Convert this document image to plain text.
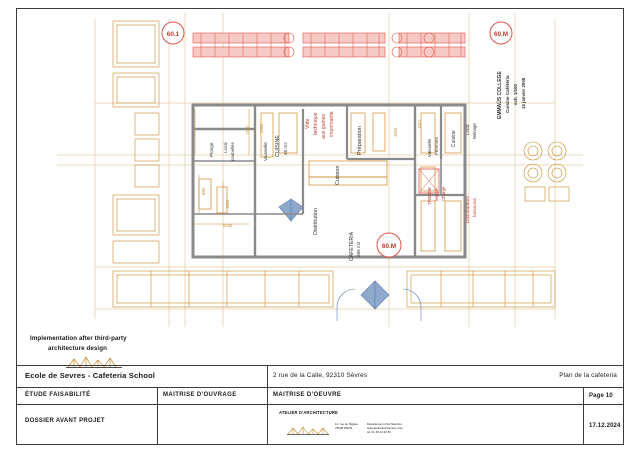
60.1	60.M
60.M
Vide technique aux gaines imprimante
Préparation	Vaisselle Femmes Cuisine
Local Ménage
CUISINE 48 m2
Cuisson
Vaisselle
Plonge Local poubelles
Distribution
CAFETERIA 265 m2
TREMIE Monte- Charge
Distributeurs boissons
1700 2200	1000
1001
990
1000
5040
EMMAÜS COLLEGE Cuisine Cafétéria ech. 1/100 15 janvier 2008
Implementation after third-party
architecture design
Ecole de Sevres - Cafeteria School	2 rue de la Calle, 92310 Sèvres	Plan de la cafeteria
ÉTUDE FAISABILITÉ	MAITRISE D'OUVRAGE	MAITRISE D'OEUVRE
DOSSIER AVANT PROJET
Page 10
17.12.2024
ATELIER D'ARCHITECTURE
12, rue de l'Église
75008 PARIS
Département d'Architecture
www.atelierarchitecture.com
tel. 01 48 44 23 52
